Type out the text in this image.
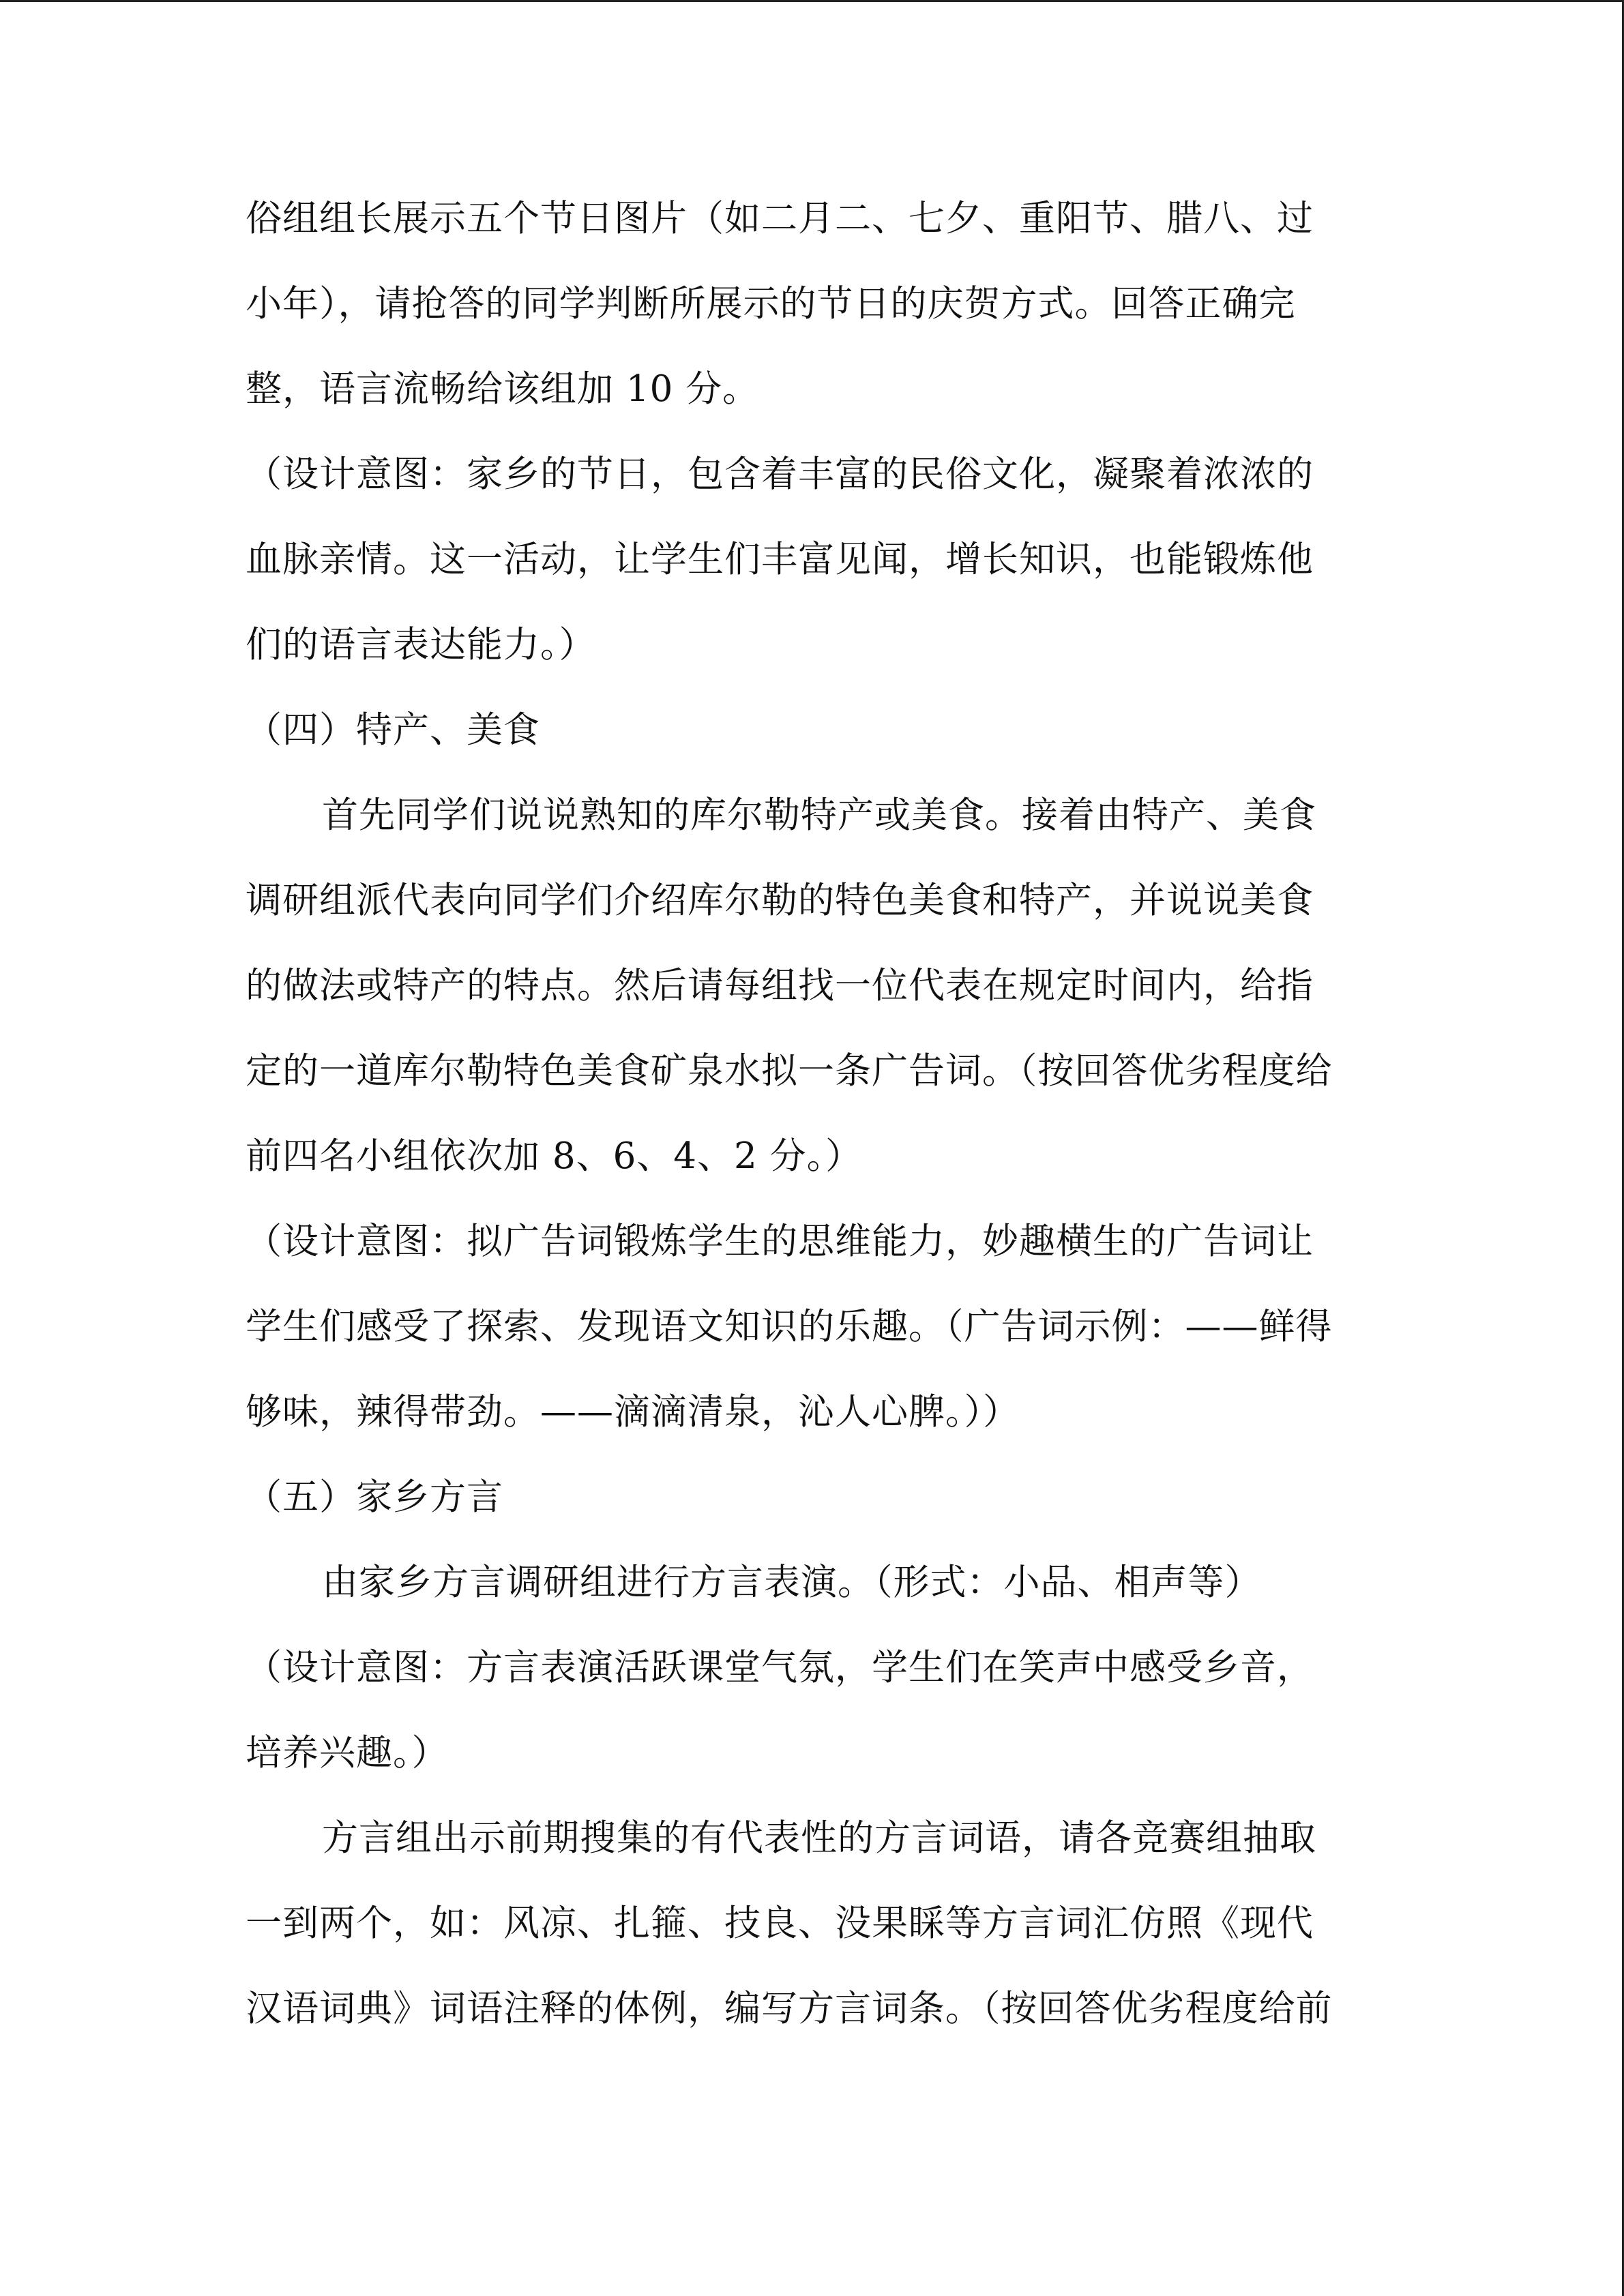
俗组组长展示五个节日图片（如二月二、七夕、重阳节、腊八、过
小年），请抢答的同学判断所展示的节日的庆贺方式。回答正确完
整，语言流畅给该组加 10 分。
（设计意图：家乡的节日，包含着丰富的民俗文化，凝聚着浓浓的
血脉亲情。这一活动，让学生们丰富见闻，增长知识，也能锻炼他
们的语言表达能力。）
（四）特产、美食
首先同学们说说熟知的库尔勒特产或美食。接着由特产、美食
调研组派代表向同学们介绍库尔勒的特色美食和特产，并说说美食
的做法或特产的特点。然后请每组找一位代表在规定时间内，给指
定的一道库尔勒特色美食矿泉水拟一条广告词。（按回答优劣程度给
前四名小组依次加 8、6、4、2 分。）
（设计意图：拟广告词锻炼学生的思维能力，妙趣横生的广告词让
学生们感受了探索、发现语文知识的乐趣。（广告词示例：——鲜得
够味，辣得带劲。——滴滴清泉，沁人心脾。））
（五）家乡方言
由家乡方言调研组进行方言表演。（形式：小品、相声等）
（设计意图：方言表演活跃课堂气氛，学生们在笑声中感受乡音，
培养兴趣。）
方言组出示前期搜集的有代表性的方言词语，请各竞赛组抽取
一到两个，如：风凉、扎箍、技良、没果睬等方言词汇仿照《现代
汉语词典》词语注释的体例，编写方言词条。（按回答优劣程度给前
